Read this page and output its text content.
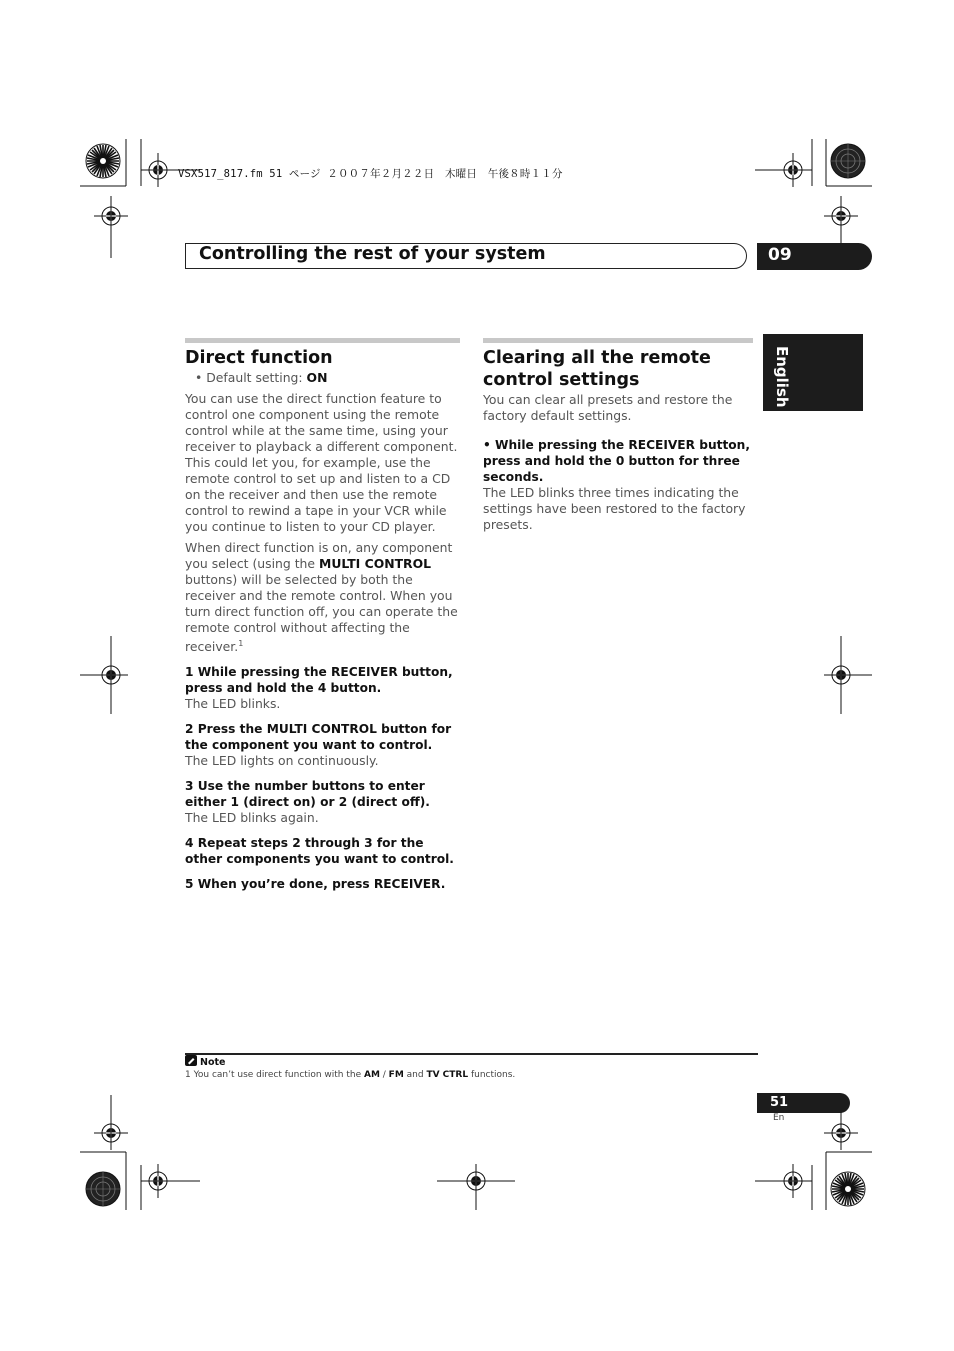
VSX517_817.fm 51 ページ ２００７年２月２２日　木曜日　午後８時１１分
Controlling the rest of your system	09
English
Direct function

• Default setting: ON

You can use the direct function feature to control one component using the remote control while at the same time, using your receiver to playback a different component. This could let you, for example, use the remote control to set up and listen to a CD on the receiver and then use the remote control to rewind a tape in your VCR while you continue to listen to your CD player.

When direct function is on, any component you select (using the MULTI CONTROL buttons) will be selected by both the receiver and the remote control. When you turn direct function off, you can operate the remote control without affecting the receiver.$^1$

1 While pressing the RECEIVER button, press and hold the 4 button.

The LED blinks.

2 Press the MULTI CONTROL button for the component you want to control.

The LED lights on continuously.

3 Use the number buttons to enter either 1 (direct on) or 2 (direct off).

The LED blinks again.

4 Repeat steps 2 through 3 for the other components you want to control.

5 When you’re done, press RECEIVER.

Clearing all the remote control settings

You can clear all presets and restore the factory default settings.

• While pressing the RECEIVER button, press and hold the 0 button for three seconds.

The LED blinks three times indicating the settings have been restored to the factory presets.

Note
1 You can’t use direct function with the AM / FM and TV CTRL functions.
51
En
